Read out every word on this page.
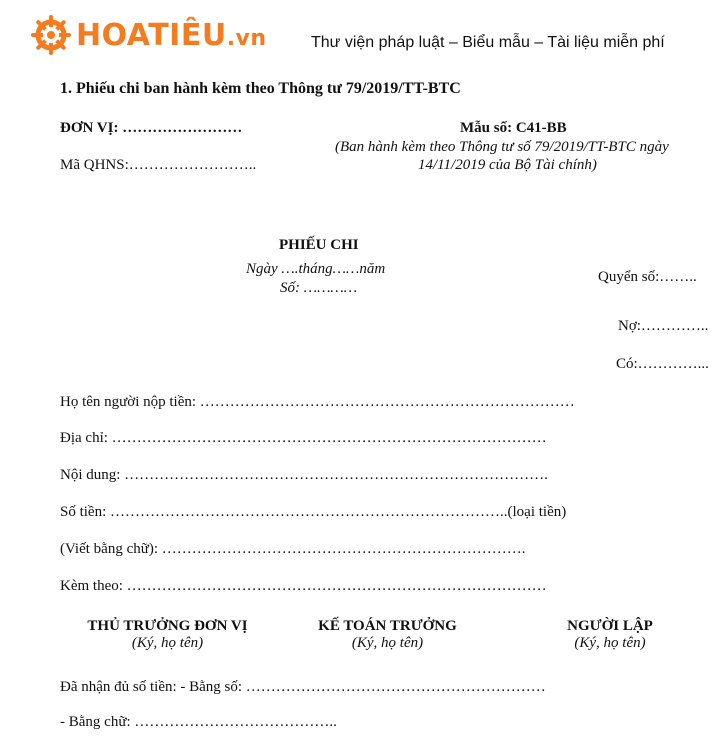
HOATIÊU.vn	Thư viện pháp luật – Biểu mẫu – Tài liệu miễn phí
1. Phiếu chi ban hành kèm theo Thông tư 79/2019/TT-BTC
ĐƠN VỊ: ……………………
Mã QHNS:……………………..
Mẫu số: C41-BB
(Ban hành kèm theo Thông tư số 79/2019/TT-BTC ngày
14/11/2019 của Bộ Tài chính)
PHIẾU CHI
Ngày ….tháng……năm
Số: …………
Quyển số:……..
Nợ:…………..
Có:…………...
Họ tên người nộp tiền: …………………………………………………………………
Địa chỉ: ……………………………………………………………………………
Nội dung: ………………………………………………………………………….
Số tiền: ……………………………………………………………………..(loại tiền)
(Viết bằng chữ): ……………………………………………………………….
Kèm theo: …………………………………………………………………………
THỦ TRƯỞNG ĐƠN VỊ
(Ký, họ tên)
KẾ TOÁN TRƯỞNG
(Ký, họ tên)
NGƯỜI LẬP
(Ký, họ tên)
Đã nhận đủ số tiền: - Bằng số: ……………………………………………………
- Bằng chữ: …………………………………..
